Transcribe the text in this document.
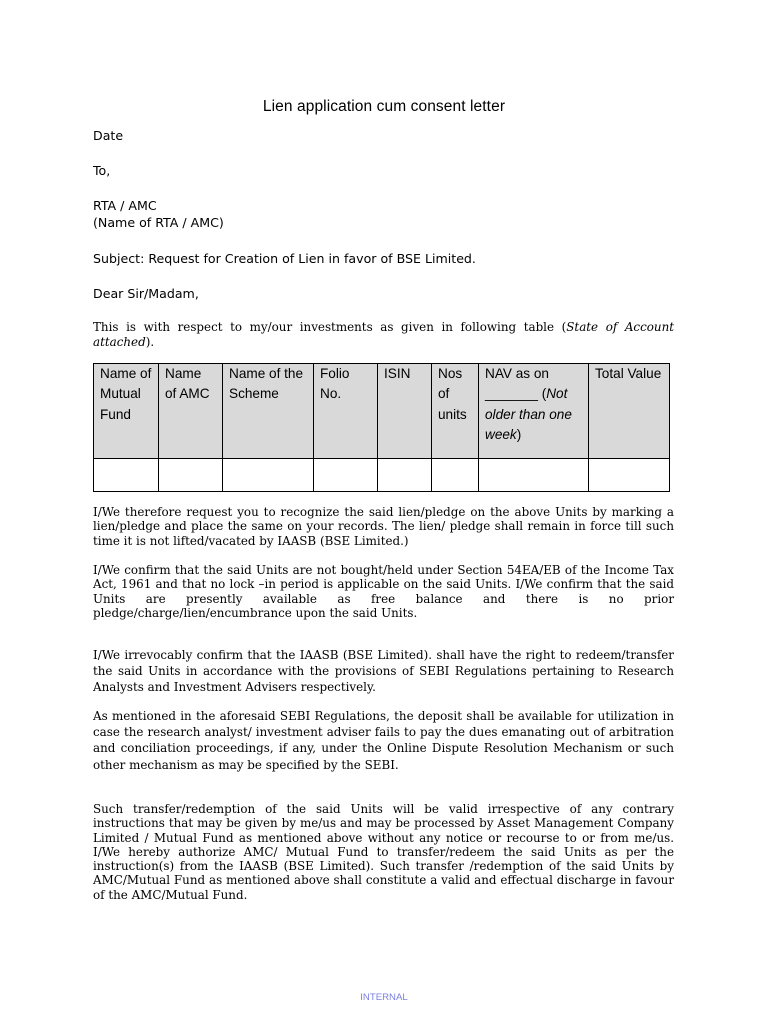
Lien application cum consent letter
Date
To,
RTA / AMC
(Name of RTA / AMC)
Subject: Request for Creation of Lien in favor of BSE Limited.
Dear Sir/Madam,
This is with respect to my/our investments as given in following table (State of Account attached).
Name of Mutual Fund	Name of AMC	Name of the Scheme	Folio No.	ISIN	Nos of units	NAV as on _______ (Not older than one week)	Total Value

I/We therefore request you to recognize the said lien/pledge on the above Units by marking a lien/pledge and place the same on your records. The lien/ pledge shall remain in force till such time it is not lifted/vacated by IAASB (BSE Limited.)
I/We confirm that the said Units are not bought/held under Section 54EA/EB of the Income Tax Act, 1961 and that no lock –in period is applicable on the said Units. I/We confirm that the said Units are presently available as free balance and there is no prior pledge/charge/lien/encumbrance upon the said Units.
I/We irrevocably confirm that the IAASB (BSE Limited). shall have the right to redeem/transfer the said Units in accordance with the provisions of SEBI Regulations pertaining to Research Analysts and Investment Advisers respectively.
As mentioned in the aforesaid SEBI Regulations, the deposit shall be available for utilization in case the research analyst/ investment adviser fails to pay the dues emanating out of arbitration and conciliation proceedings, if any, under the Online Dispute Resolution Mechanism or such other mechanism as may be specified by the SEBI.
Such transfer/redemption of the said Units will be valid irrespective of any contrary instructions that may be given by me/us and may be processed by Asset Management Company Limited / Mutual Fund as mentioned above without any notice or recourse to or from me/us. I/We hereby authorize AMC/ Mutual Fund to transfer/redeem the said Units as per the instruction(s) from the IAASB (BSE Limited). Such transfer /redemption of the said Units by AMC/Mutual Fund as mentioned above shall constitute a valid and effectual discharge in favour of the AMC/Mutual Fund.
INTERNAL
